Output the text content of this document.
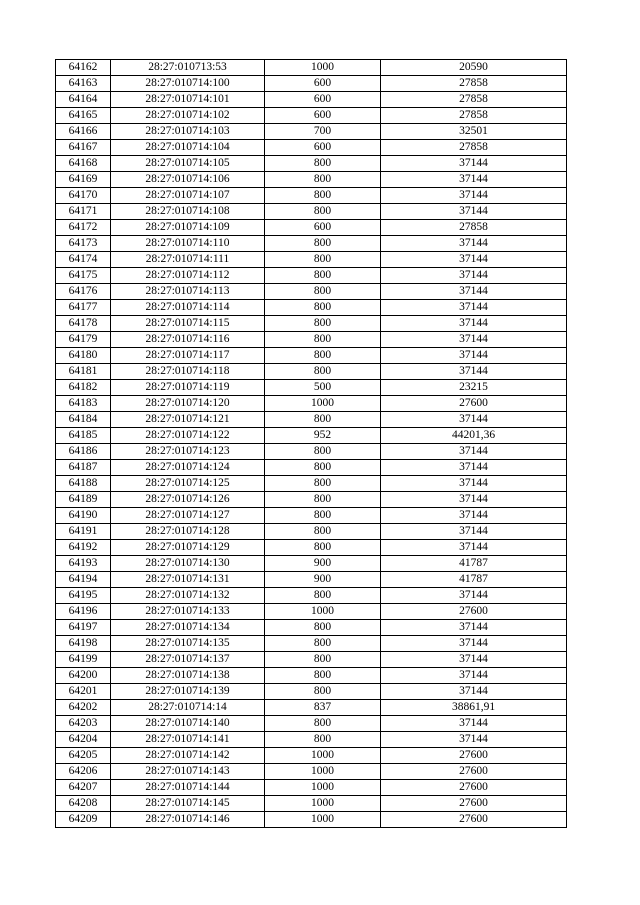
64162	28:27:010713:53	1000	20590
64163	28:27:010714:100	600	27858
64164	28:27:010714:101	600	27858
64165	28:27:010714:102	600	27858
64166	28:27:010714:103	700	32501
64167	28:27:010714:104	600	27858
64168	28:27:010714:105	800	37144
64169	28:27:010714:106	800	37144
64170	28:27:010714:107	800	37144
64171	28:27:010714:108	800	37144
64172	28:27:010714:109	600	27858
64173	28:27:010714:110	800	37144
64174	28:27:010714:111	800	37144
64175	28:27:010714:112	800	37144
64176	28:27:010714:113	800	37144
64177	28:27:010714:114	800	37144
64178	28:27:010714:115	800	37144
64179	28:27:010714:116	800	37144
64180	28:27:010714:117	800	37144
64181	28:27:010714:118	800	37144
64182	28:27:010714:119	500	23215
64183	28:27:010714:120	1000	27600
64184	28:27:010714:121	800	37144
64185	28:27:010714:122	952	44201,36
64186	28:27:010714:123	800	37144
64187	28:27:010714:124	800	37144
64188	28:27:010714:125	800	37144
64189	28:27:010714:126	800	37144
64190	28:27:010714:127	800	37144
64191	28:27:010714:128	800	37144
64192	28:27:010714:129	800	37144
64193	28:27:010714:130	900	41787
64194	28:27:010714:131	900	41787
64195	28:27:010714:132	800	37144
64196	28:27:010714:133	1000	27600
64197	28:27:010714:134	800	37144
64198	28:27:010714:135	800	37144
64199	28:27:010714:137	800	37144
64200	28:27:010714:138	800	37144
64201	28:27:010714:139	800	37144
64202	28:27:010714:14	837	38861,91
64203	28:27:010714:140	800	37144
64204	28:27:010714:141	800	37144
64205	28:27:010714:142	1000	27600
64206	28:27:010714:143	1000	27600
64207	28:27:010714:144	1000	27600
64208	28:27:010714:145	1000	27600
64209	28:27:010714:146	1000	27600
